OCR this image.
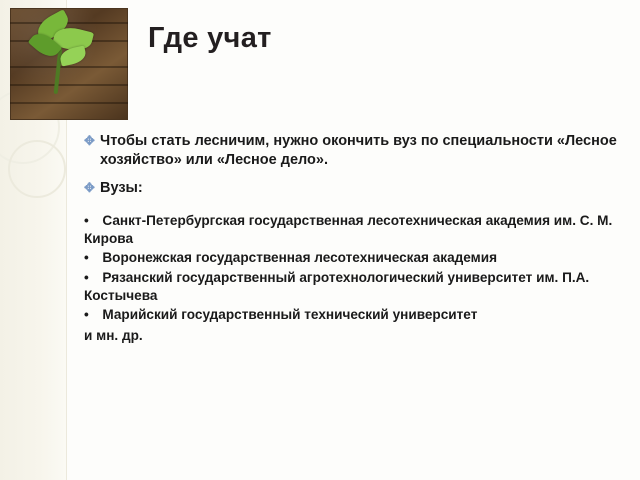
Где учат
✥ Чтобы стать лесничим, нужно окончить вуз по специальности «Лесное хозяйство» или «Лесное дело».
✥ Вузы:
• Санкт-Петербургская государственная лесотехническая академия им. С. М. Кирова
• Воронежская государственная лесотехническая академия
• Рязанский государственный агротехнологический университет им. П.А. Костычева
• Марийский государственный технический университет
и мн. др.
